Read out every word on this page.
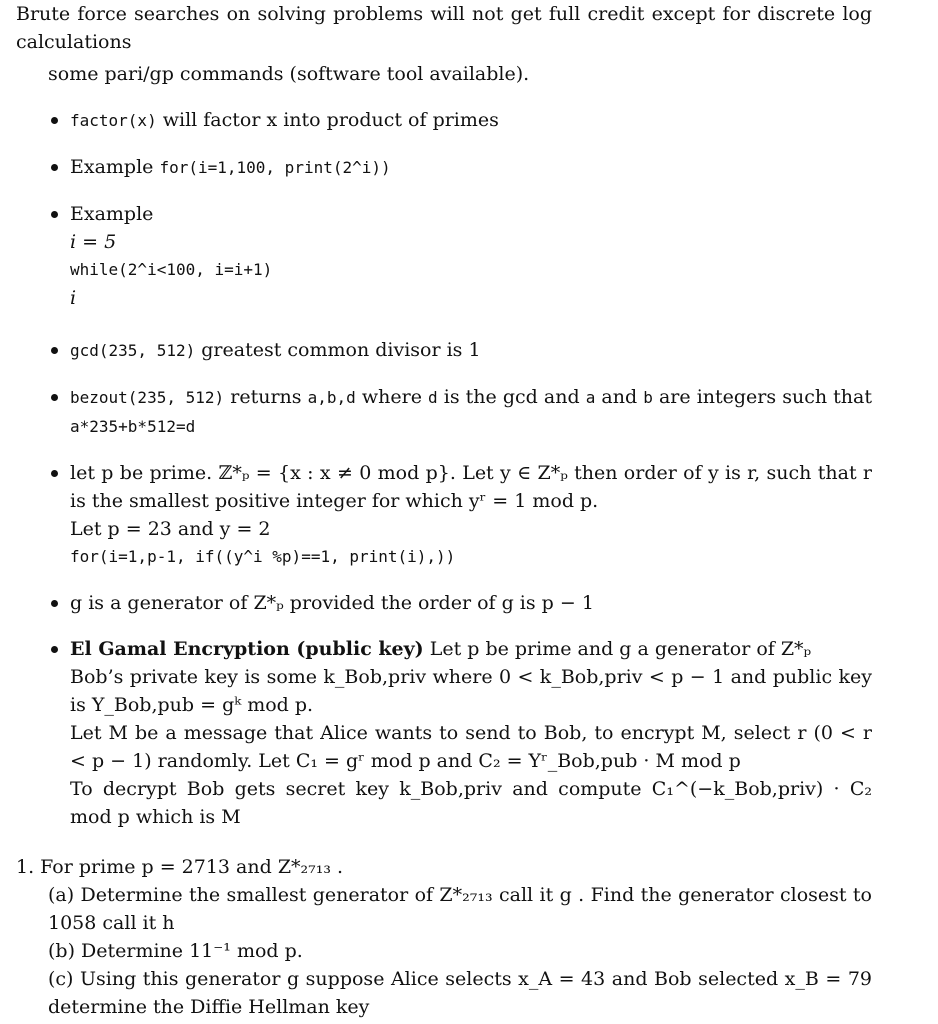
Brute force searches on solving problems will not get full credit except for discrete log calculations

some pari/gp commands (software tool available).

factor(x) will factor x into product of primes
Example for(i=1,100, print(2^i))
Example
i = 5
while(2^i<100, i=i+1)
i
gcd(235, 512) greatest common divisor is 1
bezout(235, 512) returns a,b,d where d is the gcd and a and b are integers such that a*235+b*512=d
let p be prime. ℤ*ₚ = {x : x ≠ 0 mod p}. Let y ∈ Z*ₚ then order of y is r, such that r is the smallest positive integer for which yʳ = 1 mod p.
Let p = 23 and y = 2
for(i=1,p-1, if((y^i %p)==1, print(i),))
g is a generator of Z*ₚ provided the order of g is p − 1
El Gamal Encryption (public key) Let p be prime and g a generator of Z*ₚ
Bob’s private key is some k_Bob,priv where 0 < k_Bob,priv < p − 1 and public key is Y_Bob,pub = gᵏ mod p.
Let M be a message that Alice wants to send to Bob, to encrypt M, select r (0 < r < p − 1) randomly. Let C₁ = gʳ mod p and C₂ = Yʳ_Bob,pub · M mod p
To decrypt Bob gets secret key k_Bob,priv and compute C₁^(−k_Bob,priv) · C₂ mod p which is M
1. For prime p = 2713 and Z*₂₇₁₃ .
(a) Determine the smallest generator of Z*₂₇₁₃ call it g . Find the generator closest to 1058 call it h
(b) Determine 11⁻¹ mod p.
(c) Using this generator g suppose Alice selects x_A = 43 and Bob selected x_B = 79 determine the Diffie Hellman key
